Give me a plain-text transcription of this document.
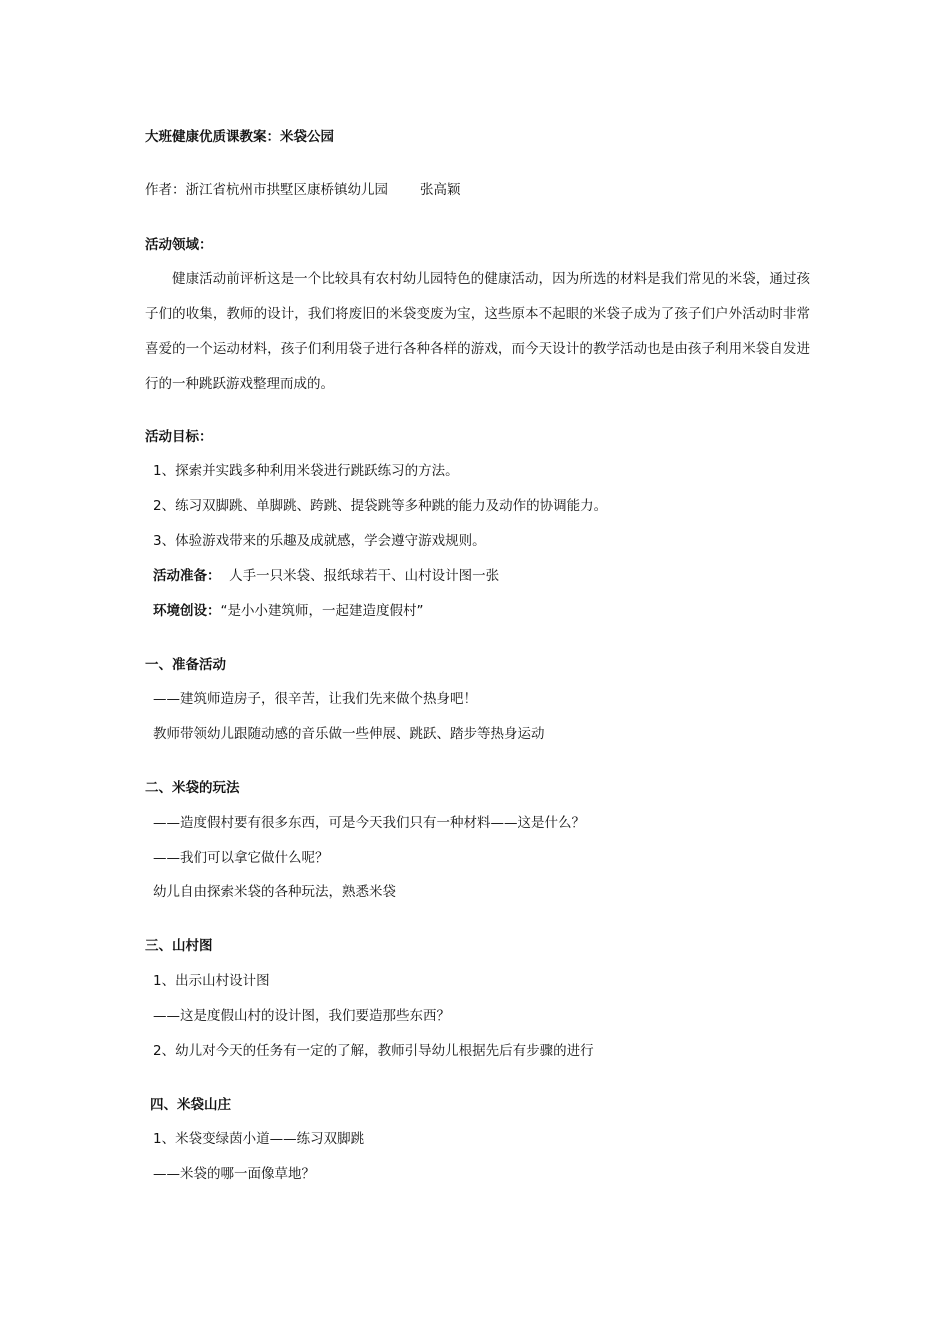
大班健康优质课教案：米袋公园
作者：浙江省杭州市拱墅区康桥镇幼儿园 张高颖
活动领域：
健康活动前评析这是一个比较具有农村幼儿园特色的健康活动，因为所选的材料是我们常见的米袋，通过孩子们的收集，教师的设计，我们将废旧的米袋变废为宝，这些原本不起眼的米袋子成为了孩子们户外活动时非常喜爱的一个运动材料，孩子们利用袋子进行各种各样的游戏，而今天设计的教学活动也是由孩子利用米袋自发进行的一种跳跃游戏整理而成的。
活动目标：
1、探索并实践多种利用米袋进行跳跃练习的方法。
2、练习双脚跳、单脚跳、跨跳、提袋跳等多种跳的能力及动作的协调能力。
3、体验游戏带来的乐趣及成就感，学会遵守游戏规则。
活动准备： 人手一只米袋、报纸球若干、山村设计图一张
环境创设：“是小小建筑师，一起建造度假村”
一、准备活动
——建筑师造房子，很辛苦，让我们先来做个热身吧！
教师带领幼儿跟随动感的音乐做一些伸展、跳跃、踏步等热身运动
二、米袋的玩法
——造度假村要有很多东西，可是今天我们只有一种材料——这是什么？
——我们可以拿它做什么呢？
幼儿自由探索米袋的各种玩法，熟悉米袋
三、山村图
1、出示山村设计图
——这是度假山村的设计图，我们要造那些东西？
2、幼儿对今天的任务有一定的了解，教师引导幼儿根据先后有步骤的进行
四、米袋山庄
1、米袋变绿茵小道——练习双脚跳
——米袋的哪一面像草地？
